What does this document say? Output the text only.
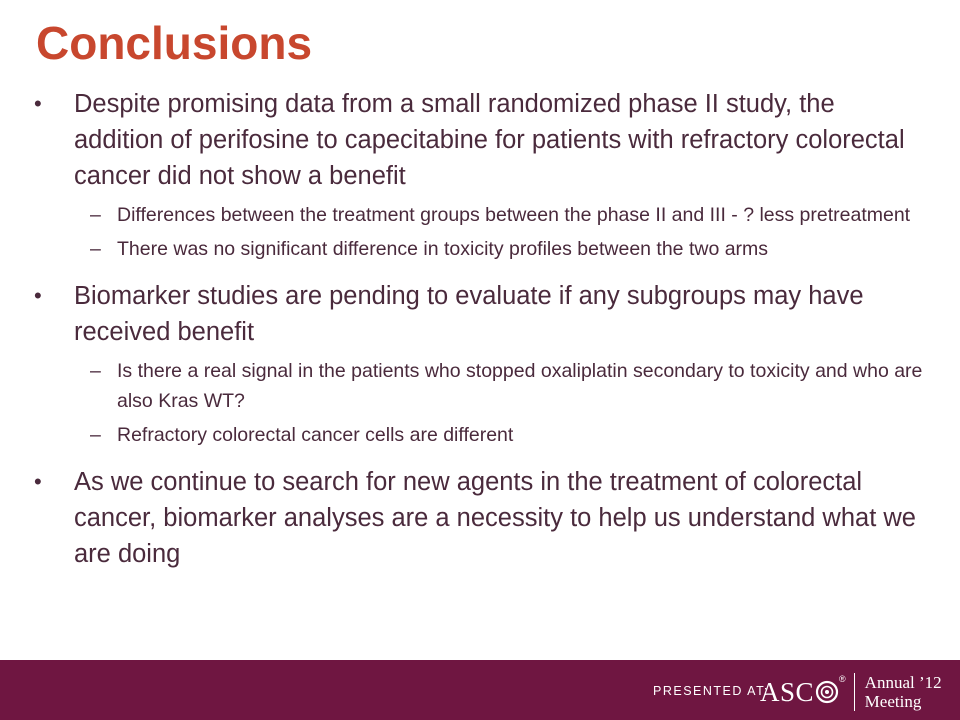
Conclusions
• Despite promising data from a small randomized phase II study, the addition of perifosine to capecitabine for patients with refractory colorectal cancer did not show a benefit
– Differences between the treatment groups between the phase II and III - ? less pretreatment
– There was no significant difference in toxicity profiles between the two arms
• Biomarker studies are pending to evaluate if any subgroups may have received benefit
– Is there a real signal in the patients who stopped oxaliplatin secondary to toxicity and who are also Kras WT?
– Refractory colorectal cancer cells are different
• As we continue to search for new agents in the treatment of colorectal cancer, biomarker analyses are a necessity to help us understand what we are doing
PRESENTED AT:
ASC	® Annual ’12
Meeting
